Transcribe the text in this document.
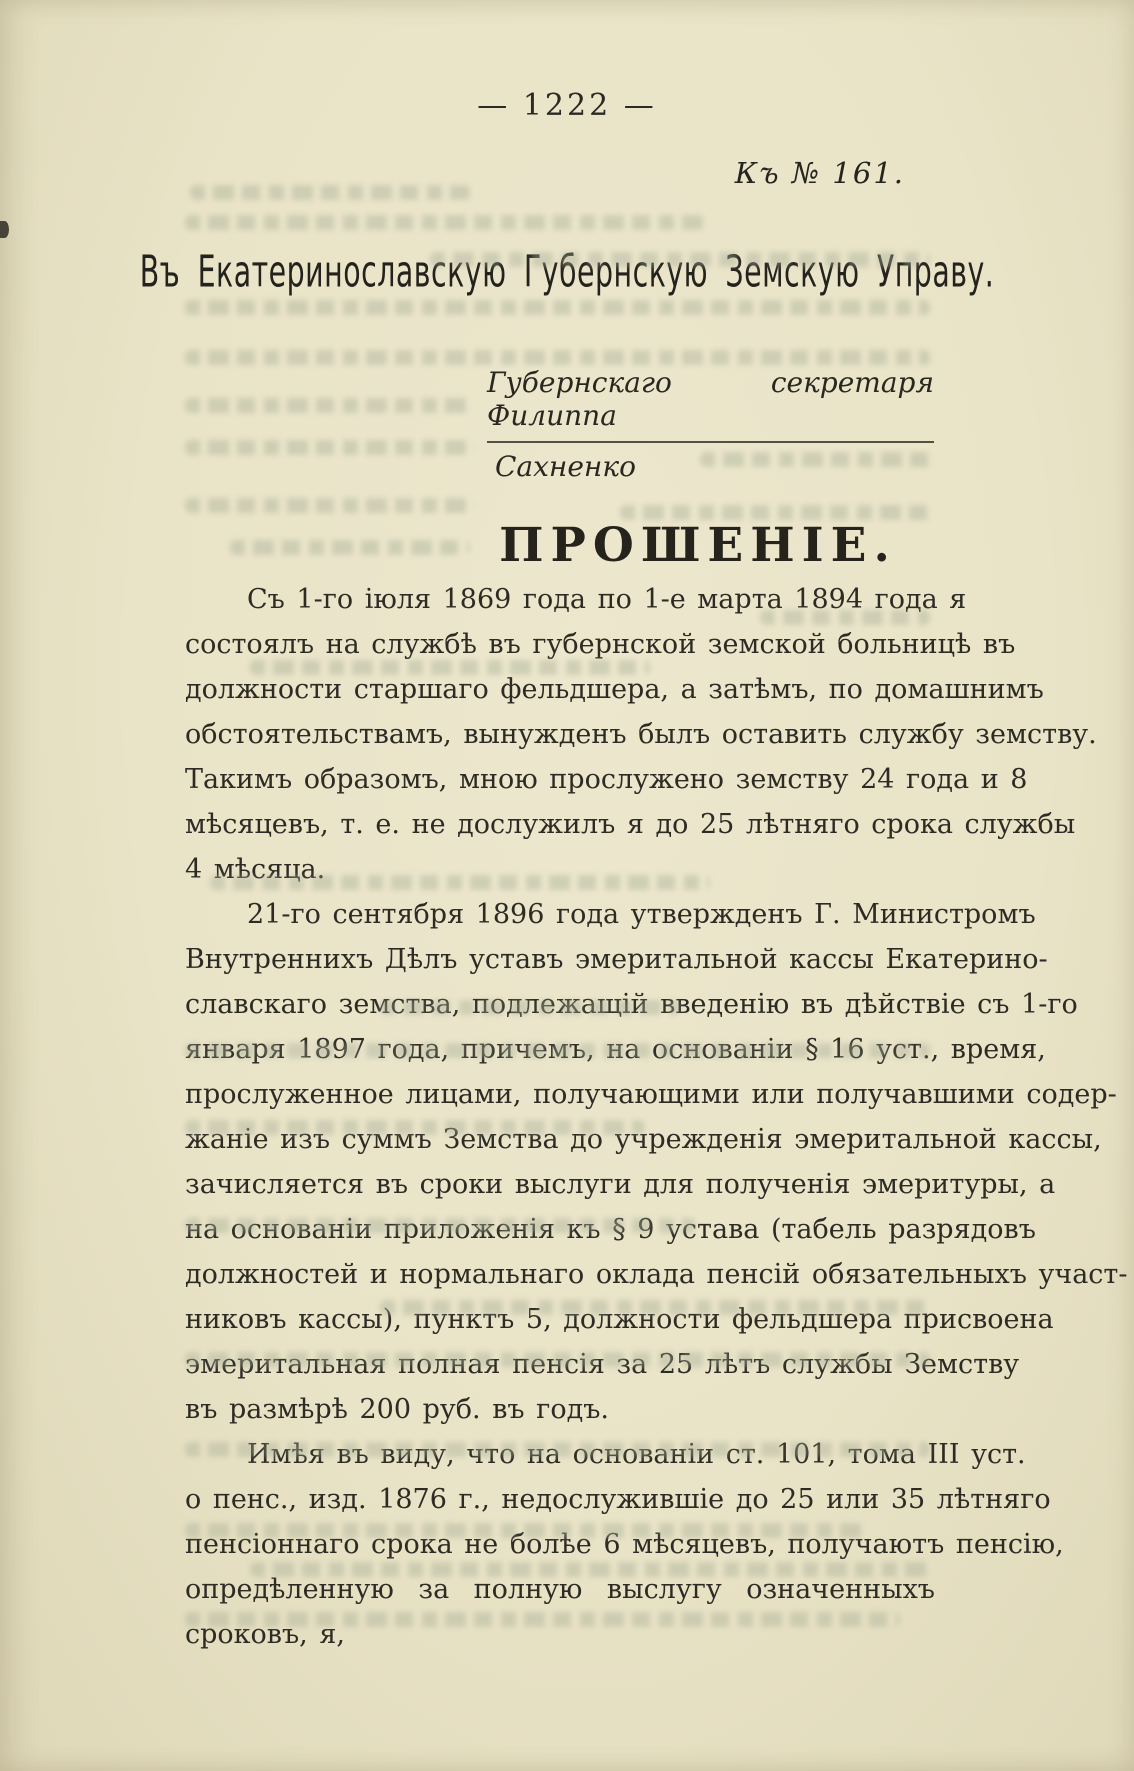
— 1222 —
Къ № 161.
Въ Екатеринославскую Губернскую Земскую Управу.
Губернскаго секретаря Филиппа
Сахненко
ПРОШЕНІЕ.
Съ 1-го іюля 1869 года по 1-е марта 1894 года я
состоялъ на службѣ въ губернской земской больницѣ въ
должности старшаго фельдшера, а затѣмъ, по домашнимъ
обстоятельствамъ, вынужденъ былъ оставить службу земству.
Такимъ образомъ, мною прослужено земству 24 года и 8
мѣсяцевъ, т. е. не дослужилъ я до 25 лѣтняго срока службы
4 мѣсяца.
21-го сентября 1896 года утвержденъ Г. Министромъ
Внутреннихъ Дѣлъ уставъ эмеритальной кассы Екатерино-
славскаго земства, подлежащій введенію въ дѣйствіе съ 1-го
января 1897 года, причемъ, на основаніи § 16 уст., время,
прослуженное лицами, получающими или получавшими содер-
жаніе изъ суммъ Земства до учрежденія эмеритальной кассы,
зачисляется въ сроки выслуги для полученія эмеритуры, а
на основаніи приложенія къ § 9 устава (табель разрядовъ
должностей и нормальнаго оклада пенсій обязательныхъ участ-
никовъ кассы), пунктъ 5, должности фельдшера присвоена
эмеритальная полная пенсія за 25 лѣтъ службы Земству
въ размѣрѣ 200 руб. въ годъ.
Имѣя въ виду, что на основаніи ст. 101, тома III уст.
о пенс., изд. 1876 г., недослужившіе до 25 или 35 лѣтняго
пенсіоннаго срока не болѣе 6 мѣсяцевъ, получаютъ пенсію,
опредѣленную за полную выслугу означенныхъ сроковъ, я,
